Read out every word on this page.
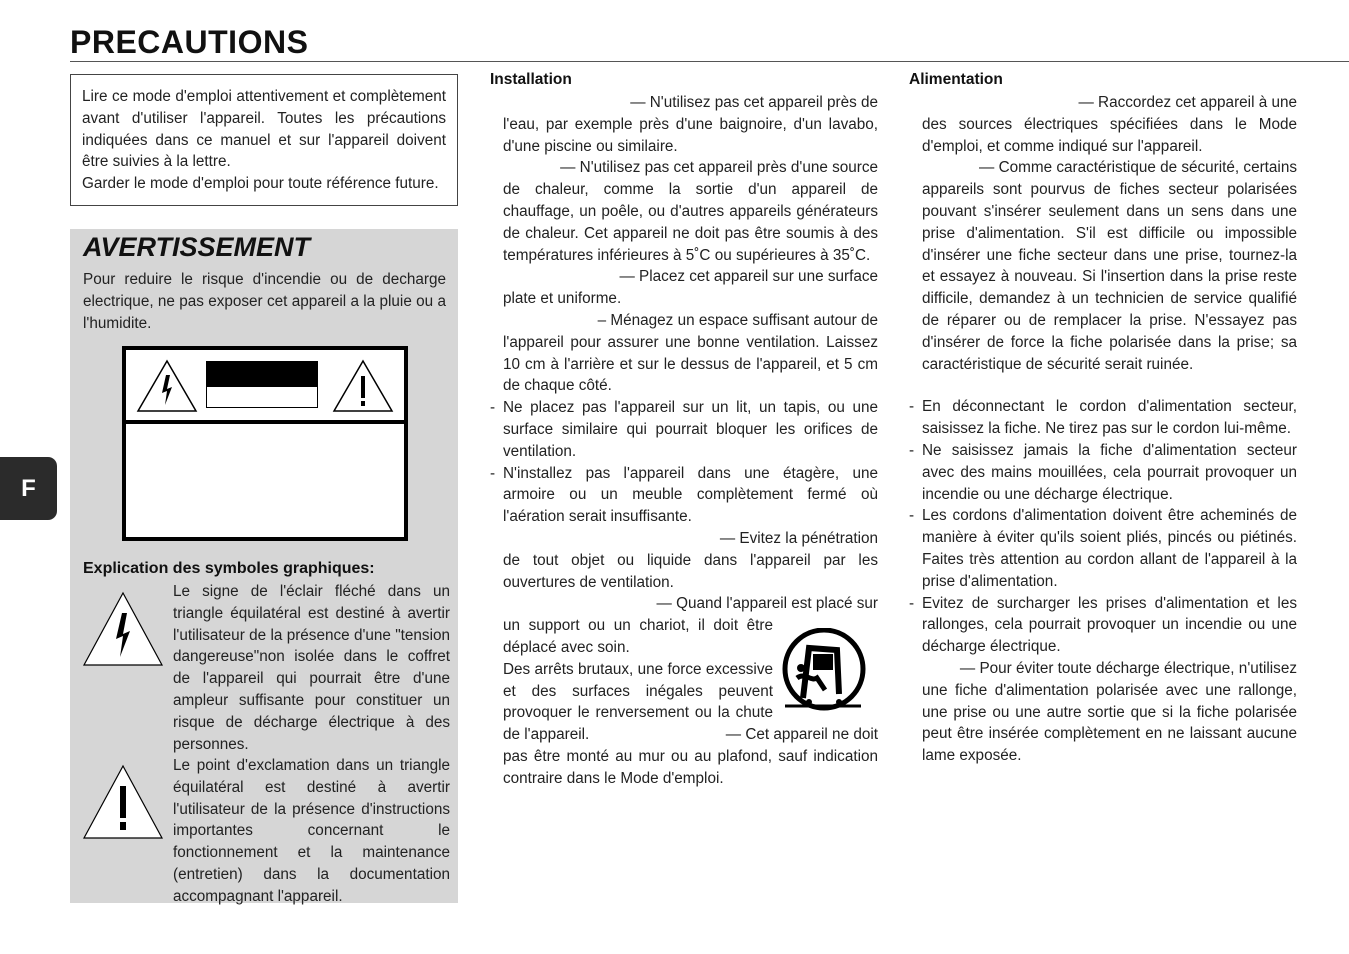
PRECAUTIONS
F
Lire ce mode d'emploi attentivement et complètement avant d'utiliser l'appareil. Toutes les précautions indiquées dans ce manuel et sur l'appareil doivent être suivies à la lettre.
Garder le mode d'emploi pour toute référence future.
AVERTISSEMENT
Pour reduire le risque d'incendie ou de decharge electrique, ne pas exposer cet appareil a la pluie ou a l'humidite.
Explication des symboles graphiques:
Le signe de l'éclair fléché dans un triangle équilatéral est destiné à avertir l'utilisateur de la présence d'une "tension dangereuse"non isolée dans le coffret de l'appareil qui pourrait être d'une ampleur suffisante pour constituer un risque de décharge électrique à des personnes.
Le point d'exclamation dans un triangle équilatéral est destiné à avertir l'utilisateur de la présence d'instructions importantes concernant le fonctionnement et la maintenance (entretien) dans la documentation accompagnant l'appareil.
Installation
— N'utilisez pas cet appareil près de
l'eau, par exemple près d'une baignoire, d'un lavabo, d'une piscine ou similaire.
— N'utilisez pas cet appareil près d'une source
de chaleur, comme la sortie d'un appareil de chauffage, un poêle, ou d'autres appareils générateurs de chaleur. Cet appareil ne doit pas être soumis à des températures inférieures à 5˚C ou supérieures à 35˚C.
— Placez cet appareil sur une surface
plate et uniforme.
– Ménagez un espace suffisant autour de
l'appareil pour assurer une bonne ventilation. Laissez 10 cm à l'arrière et sur le dessus de l'appareil, et 5 cm de chaque côté.
- Ne placez pas l'appareil sur un lit, un tapis, ou une surface similaire qui pourrait bloquer les orifices de ventilation.
- N'installez pas l'appareil dans une étagère, une armoire ou un meuble complètement fermé où l'aération serait insuffisante.
— Evitez la pénétration
de tout objet ou liquide dans l'appareil par les ouvertures de ventilation.
— Quand l'appareil est placé sur
un support ou un chariot, il doit être déplacé avec soin.
Des arrêts brutaux, une force excessive et des surfaces inégales peuvent provoquer le renversement ou la chute de l'appareil.	— Cet appareil ne doit
pas être monté au mur ou au plafond, sauf indication contraire dans le Mode d'emploi.
Alimentation
— Raccordez cet appareil à une
des sources électriques spécifiées dans le Mode d'emploi, et comme indiqué sur l'appareil.
— Comme caractéristique de sécurité, certains
appareils sont pourvus de fiches secteur polarisées pouvant s'insérer seulement dans un sens dans une prise d'alimentation. S'il est difficile ou impossible d'insérer une fiche secteur dans une prise, tournez-la et essayez à nouveau. Si l'insertion dans la prise reste difficile, demandez à un technicien de service qualifié de réparer ou de remplacer la prise. N'essayez pas d'insérer de force la fiche polarisée dans la prise; sa caractéristique de sécurité serait ruinée.
- En déconnectant le cordon d'alimentation secteur, saisissez la fiche. Ne tirez pas sur le cordon lui-même.
- Ne saisissez jamais la fiche d'alimentation secteur avec des mains mouillées, cela pourrait provoquer un incendie ou une décharge électrique.
- Les cordons d'alimentation doivent être acheminés de manière à éviter qu'ils soient pliés, pincés ou piétinés. Faites très attention au cordon allant de l'appareil à la prise d'alimentation.
- Evitez de surcharger les prises d'alimentation et les rallonges, cela pourrait provoquer un incendie ou une décharge électrique.
— Pour éviter toute décharge électrique, n'utilisez
une fiche d'alimentation polarisée avec une rallonge, une prise ou une autre sortie que si la fiche polarisée peut être insérée complètement en ne laissant aucune lame exposée.
